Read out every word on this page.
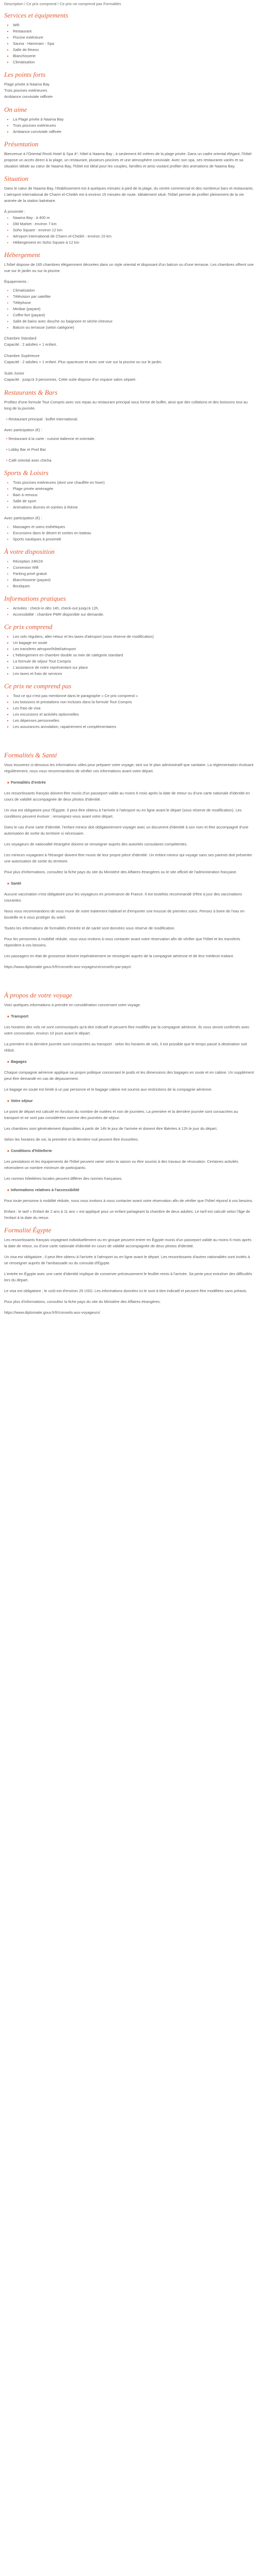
Description / Ce prix comprend / Ce prix ne comprend pas Formalités

Services et équipements
▪ Wifi
▪ Restaurant
▪ Piscine extérieure
▪ Sauna - Hammam - Spa
▪ Salle de fitness
▪ Blanchisserie
▪ Climatisation
Les points forts
Plage privée à Naama Bay
Trois piscines extérieures
Ambiance conviviale raffinée
On aime
▪ La Plage privée à Naama Bay
▪ Trois piscines extérieures
▪ Ambiance conviviale raffinée
Présentation

Bienvenue à l'Oriental Rivoli Hotel & Spa 4*, hôtel à Naama Bay ; à seulement 40 mètres de la plage privée. Dans un cadre oriental élégant, l'hôtel propose un accès direct à la plage, un restaurant, plusieurs piscines et une atmosphère conviviale. Avec son spa, ses restaurants variés et sa situation idéale au cœur de Naama Bay, l'hôtel est idéal pour les couples, familles et amis voulant profiter des animations de Naama Bay.

Situation

Dans le cœur de Naama Bay, l'établissement est à quelques minutes à pied de la plage, du centre commercial et des nombreux bars et restaurants. L'aéroport international de Charm el-Cheikh est à environ 15 minutes de route. Idéalement situé, l'hôtel permet de profiter pleinement de la vie animée de la station balnéaire.

À proximité :
• Naama Bay : à 400 m
• Old Market : environ 7 km
• Soho Square : environ 12 km
• Aéroport international de Charm el-Cheikh : environ 15 km
• Hébergement en Soho Square à 12 km
Hébergement

L'hôtel dispose de 165 chambres élégamment décorées dans un style oriental et disposant d'un balcon ou d'une terrasse. Les chambres offrent une vue sur le jardin ou sur la piscine.

Équipements :
• Climatisation
• Télévision par satellite
• Téléphone
• Minibar (payant)
• Coffre-fort (payant)
• Salle de bains avec douche ou baignoire et sèche-cheveux
• Balcon ou terrasse (selon catégorie)
Chambre Standard
Capacité : 2 adultes + 1 enfant.
Chambre Supérieure
Capacité : 2 adultes + 1 enfant. Plus spacieuse et avec une vue sur la piscine ou sur le jardin.
Suite Junior
Capacité : jusqu'à 3 personnes. Cette suite dispose d'un espace salon séparé.
Restaurants & Bars

Profitez d'une formule Tout Compris avec vos repas au restaurant principal sous forme de buffet, ainsi que des collations et des boissons tout au long de la journée.

• Restaurant principal : buffet international.
Avec participation (€) :
• Restaurant à la carte : cuisine italienne et orientale.
• Lobby Bar et Pool Bar
• Café oriental avec chicha
Sports & Loisirs
• Trois piscines extérieures (dont une chauffée en hiver)
• Plage privée aménagée
• Bain à remous
• Salle de sport
• Animations diurnes et soirées à thème
Avec participation (€) :
• Massages et soins esthétiques
• Excursions dans le désert et sorties en bateau
• Sports nautiques à proximité
À votre disposition
• Réception 24h/24
• Connexion Wifi
• Parking privé gratuit
• Blanchisserie (payant)
• Boutiques
Informations pratiques
• Arrivées : check-in dès 14h, check-out jusqu'à 12h.
• Accessibilité : chambre PMR disponible sur demande.
Ce prix comprend
▪ Les vols réguliers, aller-retour et les taxes d'aéroport (sous réserve de modification)
▪ Un bagage en soute
▪ Les transferts aéroport/hôtel/aéroport
▪ L'hébergement en chambre double ou twin de catégorie standard
▪ La formule de séjour Tout Compris
▪ L'assistance de notre représentant sur place
▪ Les taxes et frais de services
Ce prix ne comprend pas
▪ Tout ce qui n'est pas mentionné dans le paragraphe « Ce prix comprend »
▪ Les boissons et prestations non incluses dans la formule Tout Compris
▪ Les frais de visa
▪ Les excursions et activités optionnelles
▪ Les dépenses personnelles
▪ Les assurances annulation, rapatriement et complémentaires
Formalités & Santé

Vous trouverez ci-dessous les informations utiles pour préparer votre voyage, tant sur le plan administratif que sanitaire. La réglementation évoluant régulièrement, nous vous recommandons de vérifier ces informations avant votre départ.

■  Formalités d'entrée

Les ressortissants français doivent être munis d'un passeport valide au moins 6 mois après la date de retour ou d'une carte nationale d'identité en cours de validité accompagnée de deux photos d'identité.

Un visa est obligatoire pour l'Égypte. Il peut être obtenu à l'arrivée à l'aéroport ou en ligne avant le départ (sous réserve de modification). Les conditions peuvent évoluer : renseignez-vous avant votre départ.

Dans le cas d'une carte d'identité, l'enfant mineur doit obligatoirement voyager avec un document d'identité à son nom et être accompagné d'une autorisation de sortie du territoire si nécessaire.

Les voyageurs de nationalité étrangère doivent se renseigner auprès des autorités consulaires compétentes.

Les mineurs voyageant à l'étranger doivent être munis de leur propre pièce d'identité. Un enfant mineur qui voyage sans ses parents doit présenter une autorisation de sortie du territoire.

Pour plus d'informations, consultez la fiche pays du site du Ministère des Affaires étrangères ou le site officiel de l'administration française.

■  Santé

Aucune vaccination n'est obligatoire pour les voyageurs en provenance de France. Il est toutefois recommandé d'être à jour des vaccinations courantes.

Nous vous recommandons de vous munir de votre traitement habituel et d'emporter une trousse de premiers soins. Pensez à boire de l'eau en bouteille et à vous protéger du soleil.

Toutes les informations de formalités d'entrée et de santé sont données sous réserve de modification.

Pour les personnes à mobilité réduite, nous vous invitons à nous contacter avant votre réservation afin de vérifier que l'hôtel et les transferts répondent à vos besoins.

Les passagers en état de grossesse doivent impérativement se renseigner auprès de la compagnie aérienne et de leur médecin traitant.

https://www.diplomatie.gouv.fr/fr/conseils-aux-voyageurs/conseils-par-pays/

À propos de votre voyage

Voici quelques informations à prendre en considération concernant votre voyage.

■  Transport

Les horaires des vols ne sont communiqués qu'à titre indicatif et peuvent être modifiés par la compagnie aérienne. Ils vous seront confirmés avec votre convocation, environ 10 jours avant le départ.

La première et la dernière journée sont consacrées au transport : selon les horaires de vols, il est possible que le temps passé à destination soit réduit.

■  Bagages

Chaque compagnie aérienne applique sa propre politique concernant le poids et les dimensions des bagages en soute et en cabine. Un supplément peut être demandé en cas de dépassement.

Le bagage en soute est limité à un par personne et le bagage cabine est soumis aux restrictions de la compagnie aérienne.

■  Votre séjour

Le point de départ est calculé en fonction du nombre de nuitées et non de journées. La première et la dernière journée sont consacrées au transport et ne sont pas considérées comme des journées de séjour.

Les chambres sont généralement disponibles à partir de 14h le jour de l'arrivée et doivent être libérées à 12h le jour du départ.

Selon les horaires de vol, la première et la dernière nuit peuvent être écourtées.

■  Conditions d'hôtellerie

Les prestations et les équipements de l'hôtel peuvent varier selon la saison ou être soumis à des travaux de rénovation. Certaines activités nécessitent un nombre minimum de participants.

Les normes hôtelières locales peuvent différer des normes françaises.

■  Informations relatives à l'accessibilité

Pour toute personne à mobilité réduite, nous vous invitons à nous contacter avant votre réservation afin de vérifier que l'hôtel répond à vos besoins.

Enfant : le tarif « Enfant de 2 ans à 11 ans » est appliqué pour un enfant partageant la chambre de deux adultes. Le tarif est calculé selon l'âge de l'enfant à la date du retour.

Formalité Égypte

Les ressortissants français voyageant individuellement ou en groupe peuvent entrer en Égypte munis d'un passeport valide au moins 6 mois après la date de retour, ou d'une carte nationale d'identité en cours de validité accompagnée de deux photos d'identité.

Un visa est obligatoire ; il peut être obtenu à l'arrivée à l'aéroport ou en ligne avant le départ. Les ressortissants d'autres nationalités sont invités à se renseigner auprès de l'ambassade ou du consulat d'Égypte.

L'entrée en Égypte avec une carte d'identité implique de conserver précieusement le feuillet remis à l'arrivée. Sa perte peut entraîner des difficultés lors du départ.

Le visa est obligatoire ; le coût est d'environ 25 USD. Les informations données ici le sont à titre indicatif et peuvent être modifiées sans préavis.

Pour plus d'informations, consultez la fiche pays du site du Ministère des Affaires étrangères.

https://www.diplomatie.gouv.fr/fr/conseils-aux-voyageurs/
